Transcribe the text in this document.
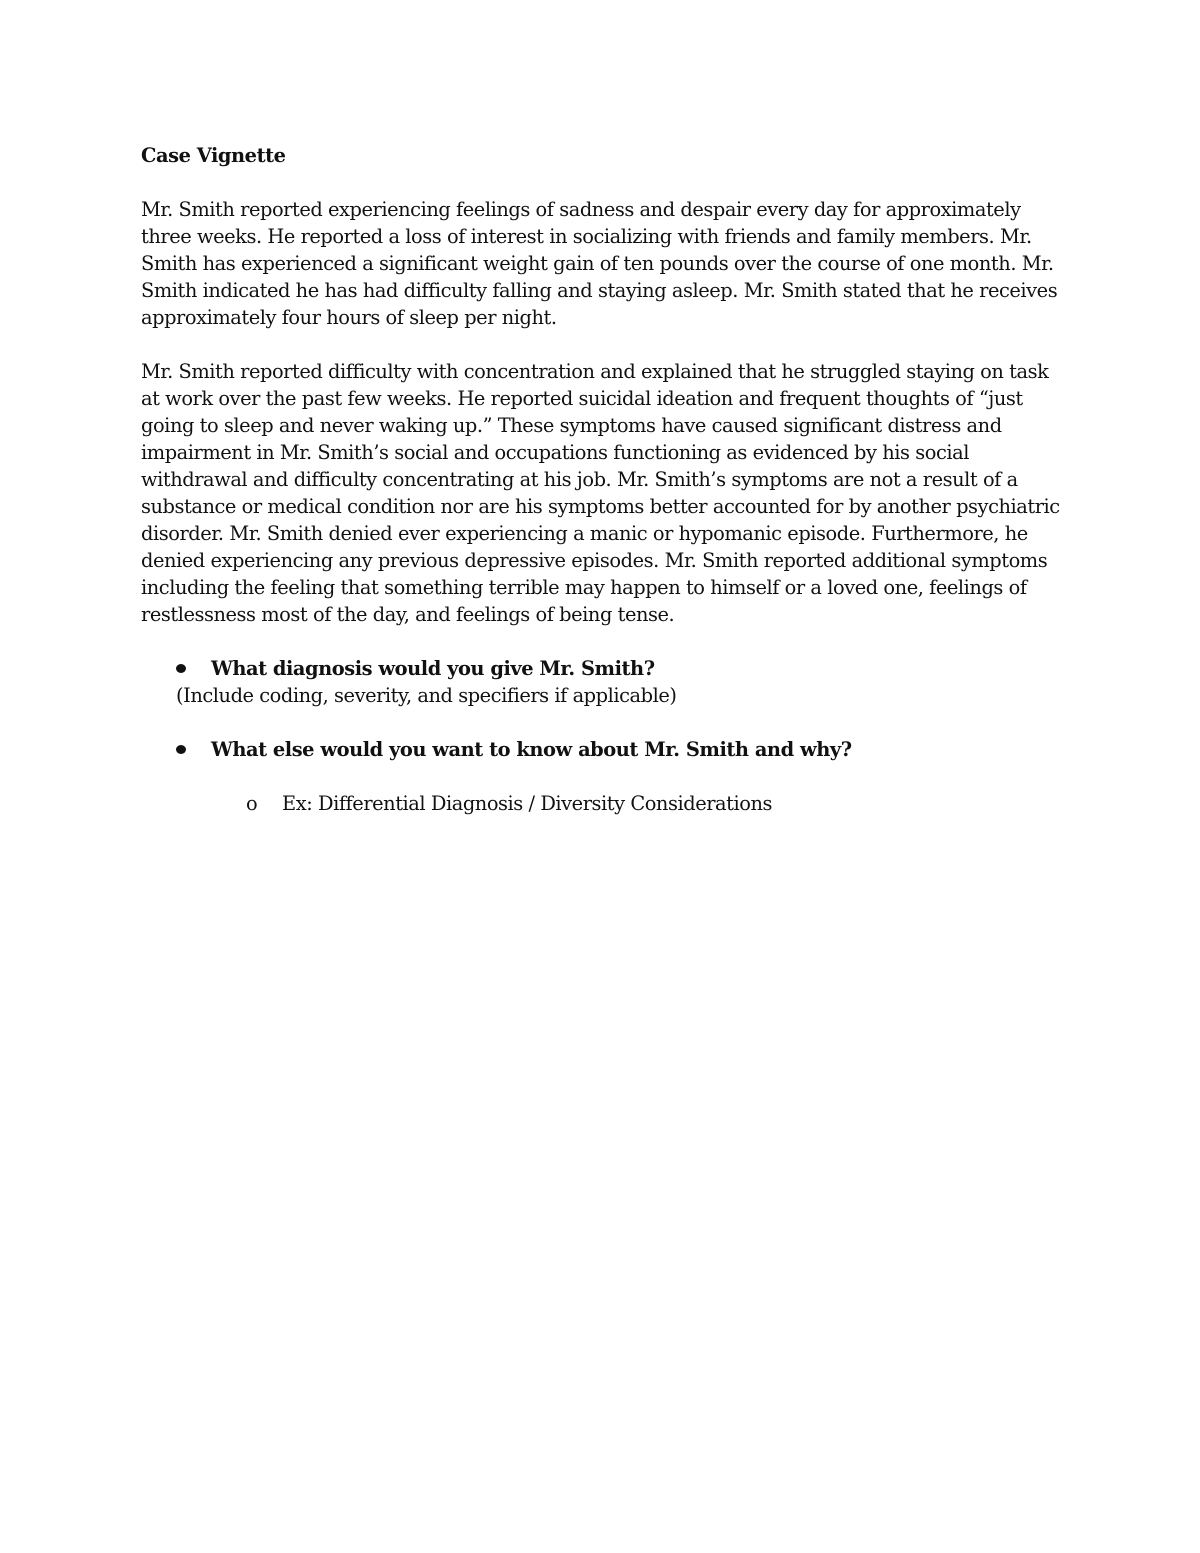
Case Vignette
Mr. Smith reported experiencing feelings of sadness and despair every day for approximately three weeks. He reported a loss of interest in socializing with friends and family members. Mr. Smith has experienced a significant weight gain of ten pounds over the course of one month. Mr. Smith indicated he has had difficulty falling and staying asleep. Mr. Smith stated that he receives approximately four hours of sleep per night.
Mr. Smith reported difficulty with concentration and explained that he struggled staying on task at work over the past few weeks. He reported suicidal ideation and frequent thoughts of “just going to sleep and never waking up.” These symptoms have caused significant distress and impairment in Mr. Smith’s social and occupations functioning as evidenced by his social withdrawal and difficulty concentrating at his job. Mr. Smith’s symptoms are not a result of a substance or medical condition nor are his symptoms better accounted for by another psychiatric disorder. Mr. Smith denied ever experiencing a manic or hypomanic episode. Furthermore, he denied experiencing any previous depressive episodes. Mr. Smith reported additional symptoms including the feeling that something terrible may happen to himself or a loved one, feelings of restlessness most of the day, and feelings of being tense.
What diagnosis would you give Mr. Smith?
(Include coding, severity, and specifiers if applicable)
What else would you want to know about Mr. Smith and why?
o Ex: Differential Diagnosis / Diversity Considerations
